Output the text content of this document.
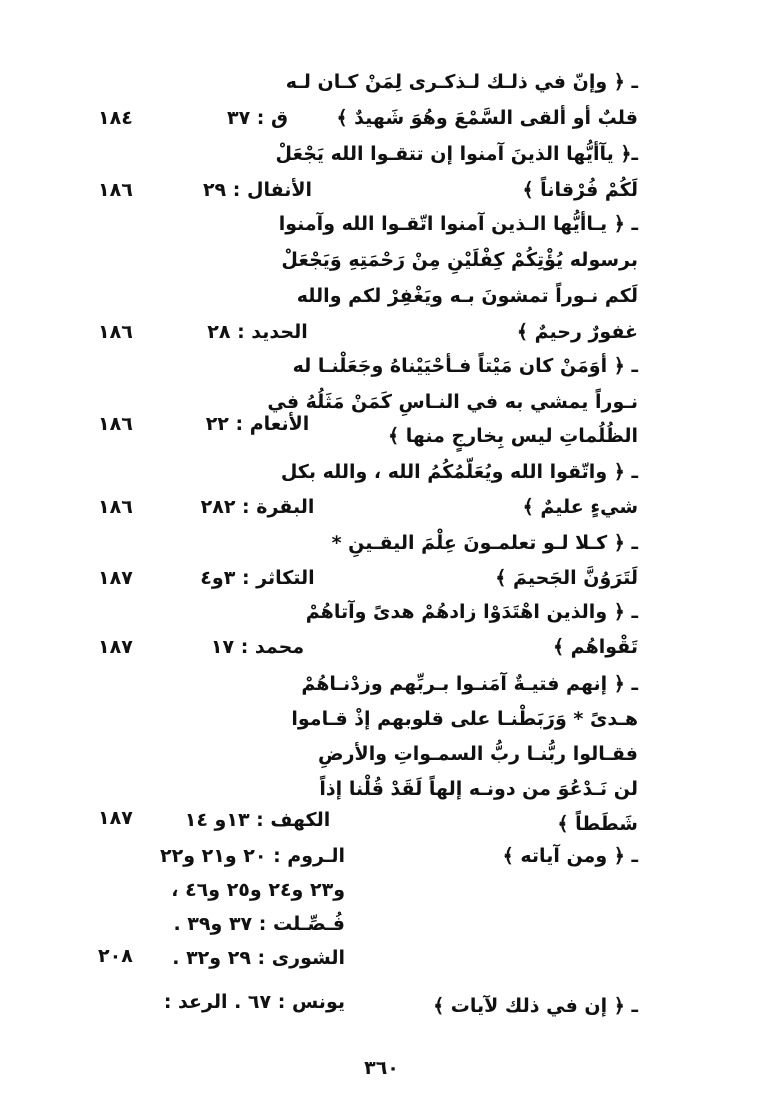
ـ ﴿ وإنّ في ذلـك لـذكـرى لِمَنْ كـان لـه
قلبٌ أو ألقى السَّمْعَ وهُوَ شَهيدٌ ﴾
ق : ٣٧
١٨٤
ـ﴿ يآأيُّها الذينَ آمنوا إن تتقـوا الله يَجْعَلْ
لَكُمْ فُرْقاناً ﴾
الأنفال : ٢٩
١٨٦
ـ ﴿ يـاأيُّها الـذين آمنوا اتّقـوا الله وآمنوا
برسوله يُؤْتِكُمْ كِفْلَيْنِ مِنْ رَحْمَتِهِ وَيَجْعَلْ
لَكم نـوراً تمشونَ بـه ويَغْفِرْ لكم والله
غفورٌ رحيمٌ ﴾
الحديد : ٢٨
١٨٦
ـ ﴿ أوَمَنْ كان مَيْتاً فـأحْيَيْناهُ وجَعَلْنـا له
نـوراً يمشي به في النـاسِ كَمَنْ مَثَلُهُ في
الظُلُماتِ ليس بِخارجٍ منها ﴾
الأنعام : ٢٢
١٨٦
ـ ﴿ واتّقوا الله ويُعَلّمُكُمُ الله ، والله بكل
شيءٍ عليمٌ ﴾
البقرة : ٢٨٢
١٨٦
ـ ﴿ كـلا لـو تعلمـونَ عِلْمَ اليقـينِ *
لَتَرَوُنَّ الجَحيمَ ﴾
التكاثر : ٣و٤
١٨٧
ـ ﴿ والذين اهْتَدَوْا زادهُمْ هدىً وآتاهُمْ
تَقْواهُم ﴾
محمد : ١٧
١٨٧
ـ ﴿ إنهم فتيـةٌ آمَنـوا بـربِّهم وزدْنـاهُمْ
هـدىً * وَرَبَطْنـا على قلوبهم إذْ قـاموا
فقـالوا ربُّنـا ربُّ السمـواتِ والأرضِ
لن نَـدْعُوَ من دونـه إلهاً لَقَدْ قُلْنا إذاً
شَطَطاً ﴾
الكهف : ١٣و ١٤
١٨٧
ـ ﴿ ومن آياته ﴾
الـروم : ٢٠ و٢١ و٢٢
و٢٣ و٢٤ و٢٥ و٤٦ ،
فُـصِّـلت : ٣٧ و٣٩ .
الشورى : ٢٩ و٣٢ .
٢٠٨
ـ ﴿ إن في ذلك لآيات ﴾
يونس : ٦٧ . الرعد :
٣٦٠
